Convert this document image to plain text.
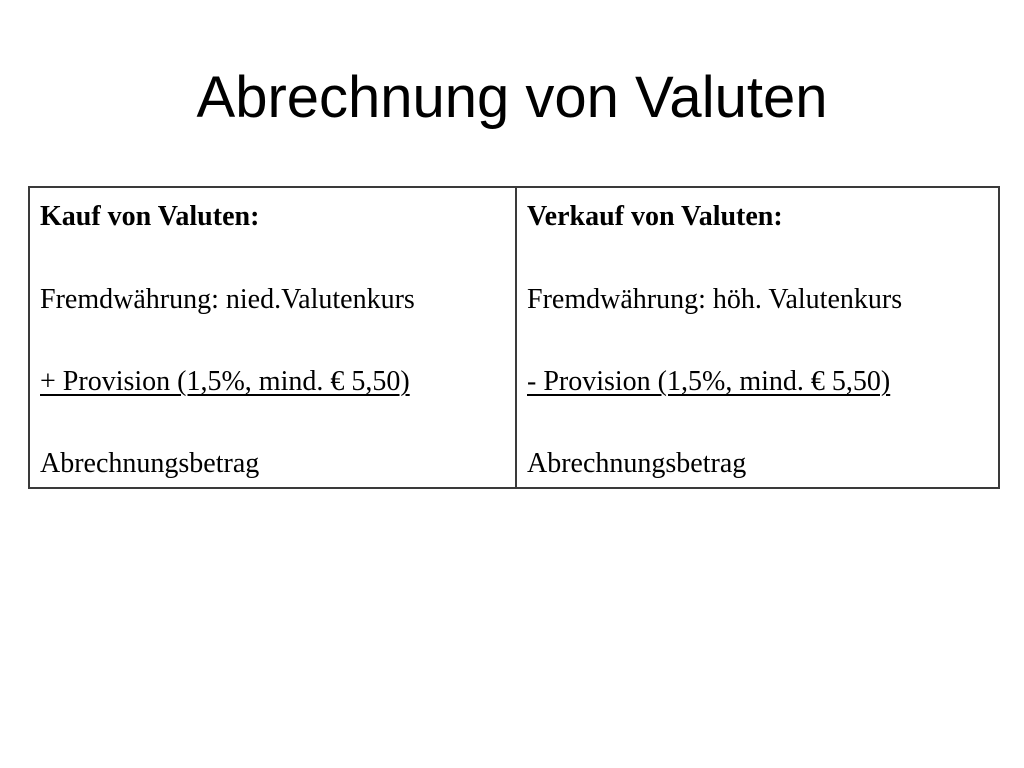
Abrechnung von Valuten
Kauf von Valuten:
Fremdwährung: nied.Valutenkurs
+ Provision (1,5%, mind. € 5,50)
Abrechnungsbetrag
Verkauf von Valuten:
Fremdwährung: höh. Valutenkurs
- Provision (1,5%, mind. € 5,50)
Abrechnungsbetrag
